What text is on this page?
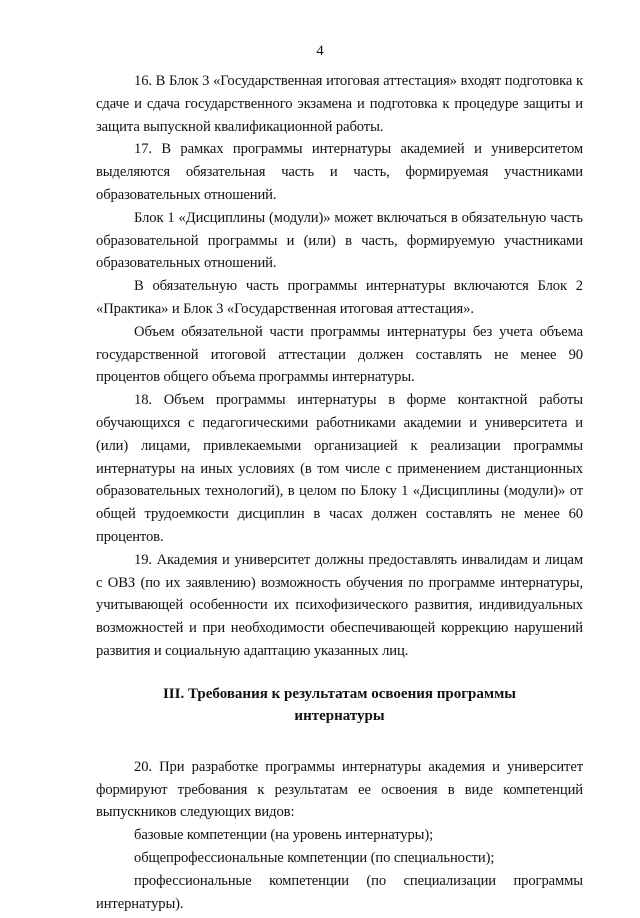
4

16. В Блок 3 «Государственная итоговая аттестация» входят подготовка к сдаче и сдача государственного экзамена и подготовка к процедуре защиты и защита выпускной квалификационной работы.

17. В рамках программы интернатуры академией и университетом выделяются обязательная часть и часть, формируемая участниками образовательных отношений.

Блок 1 «Дисциплины (модули)» может включаться в обязательную часть образовательной программы и (или) в часть, формируемую участниками образовательных отношений.

В обязательную часть программы интернатуры включаются Блок 2 «Практика» и Блок 3 «Государственная итоговая аттестация».

Объем обязательной части программы интернатуры без учета объема государственной итоговой аттестации должен составлять не менее 90 процентов общего объема программы интернатуры.

18. Объем программы интернатуры в форме контактной работы обучающихся с педагогическими работниками академии и университета и (или) лицами, привлекаемыми организацией к реализации программы интернатуры на иных условиях (в том числе с применением дистанционных образовательных технологий), в целом по Блоку 1 «Дисциплины (модули)» от общей трудоемкости дисциплин в часах должен составлять не менее 60 процентов.

19. Академия и университет должны предоставлять инвалидам и лицам с ОВЗ (по их заявлению) возможность обучения по программе интернатуры, учитывающей особенности их психофизического развития, индивидуальных возможностей и при необходимости обеспечивающей коррекцию нарушений развития и социальную адаптацию указанных лиц.

III. Требования к результатам освоения программы интернатуры

20. При разработке программы интернатуры академия и университет формируют требования к результатам ее освоения в виде компетенций выпускников следующих видов:

базовые компетенции (на уровень интернатуры);

общепрофессиональные компетенции (по специальности);

профессиональные компетенции (по специализации программы интернатуры).
